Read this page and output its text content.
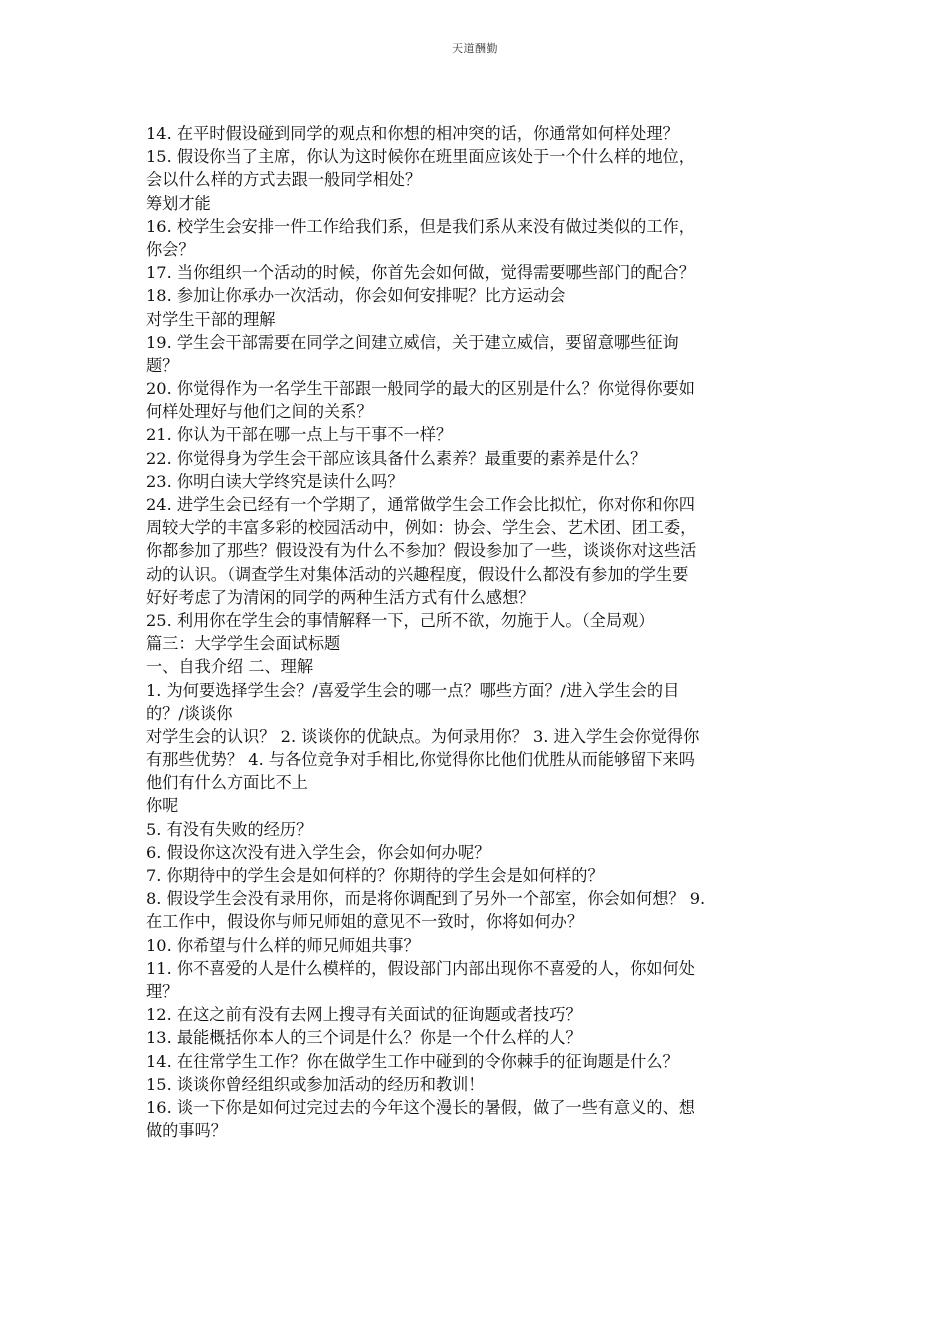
天道酬勤
14. 在平时假设碰到同学的观点和你想的相冲突的话，你通常如何样处理？
15. 假设你当了主席，你认为这时候你在班里面应该处于一个什么样的地位，
会以什么样的方式去跟一般同学相处？
筹划才能
16. 校学生会安排一件工作给我们系，但是我们系从来没有做过类似的工作，
你会？
17. 当你组织一个活动的时候，你首先会如何做，觉得需要哪些部门的配合？
18. 参加让你承办一次活动，你会如何安排呢？比方运动会
对学生干部的理解
19. 学生会干部需要在同学之间建立威信，关于建立威信，要留意哪些征询
题？
20. 你觉得作为一名学生干部跟一般同学的最大的区别是什么？你觉得你要如
何样处理好与他们之间的关系？
21. 你认为干部在哪一点上与干事不一样？
22. 你觉得身为学生会干部应该具备什么素养？最重要的素养是什么？
23. 你明白读大学终究是读什么吗？
24. 进学生会已经有一个学期了，通常做学生会工作会比拟忙，你对你和你四
周较大学的丰富多彩的校园活动中，例如：协会、学生会、艺术团、团工委，
你都参加了那些？假设没有为什么不参加？假设参加了一些，谈谈你对这些活
动的认识。（调查学生对集体活动的兴趣程度，假设什么都没有参加的学生要
好好考虑了为清闲的同学的两种生活方式有什么感想？
25. 利用你在学生会的事情解释一下，己所不欲，勿施于人。（全局观）
篇三：大学学生会面试标题
一、自我介绍 二、理解
1. 为何要选择学生会？/喜爱学生会的哪一点？哪些方面？/进入学生会的目
的？/谈谈你
对学生会的认识？ 2. 谈谈你的优缺点。为何录用你？ 3. 进入学生会你觉得你
有那些优势？ 4. 与各位竞争对手相比,你觉得你比他们优胜从而能够留下来吗
他们有什么方面比不上
你呢
5. 有没有失败的经历？
6. 假设你这次没有进入学生会，你会如何办呢？
7. 你期待中的学生会是如何样的？你期待的学生会是如何样的？
8. 假设学生会没有录用你，而是将你调配到了另外一个部室，你会如何想？ 9.
在工作中，假设你与师兄师姐的意见不一致时，你将如何办？
10. 你希望与什么样的师兄师姐共事？
11. 你不喜爱的人是什么模样的，假设部门内部出现你不喜爱的人，你如何处
理？
12. 在这之前有没有去网上搜寻有关面试的征询题或者技巧？
13. 最能概括你本人的三个词是什么？你是一个什么样的人？
14. 在往常学生工作？你在做学生工作中碰到的令你棘手的征询题是什么？
15. 谈谈你曾经组织或参加活动的经历和教训！
16. 谈一下你是如何过完过去的今年这个漫长的暑假，做了一些有意义的、想
做的事吗？
